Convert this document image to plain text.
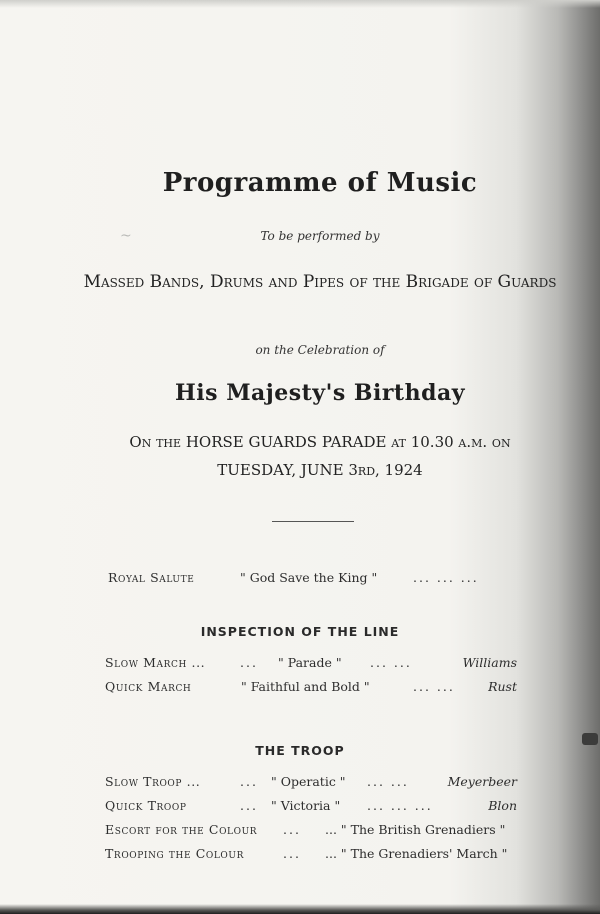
~
Programme of Music
To be performed by
Massed Bands, Drums and Pipes of the Brigade of Guards
on the Celebration of
His Majesty's Birthday
On the HORSE GUARDS PARADE at 10.30 a.m. on
TUESDAY, JUNE 3rd, 1924
Royal Salute	" God Save the King "	... ... ...
INSPECTION OF THE LINE
Slow March ...	... " Parade " ... ...	Williams
Quick March	" Faithful and Bold "	... ...	Rust
THE TROOP
Slow Troop ...	... " Operatic " ... ...	Meyerbeer
Quick Troop	... " Victoria " ... ... ...	Blon
Escort for the Colour ... ... " The British Grenadiers "
Trooping the Colour	... ... " The Grenadiers' March "
